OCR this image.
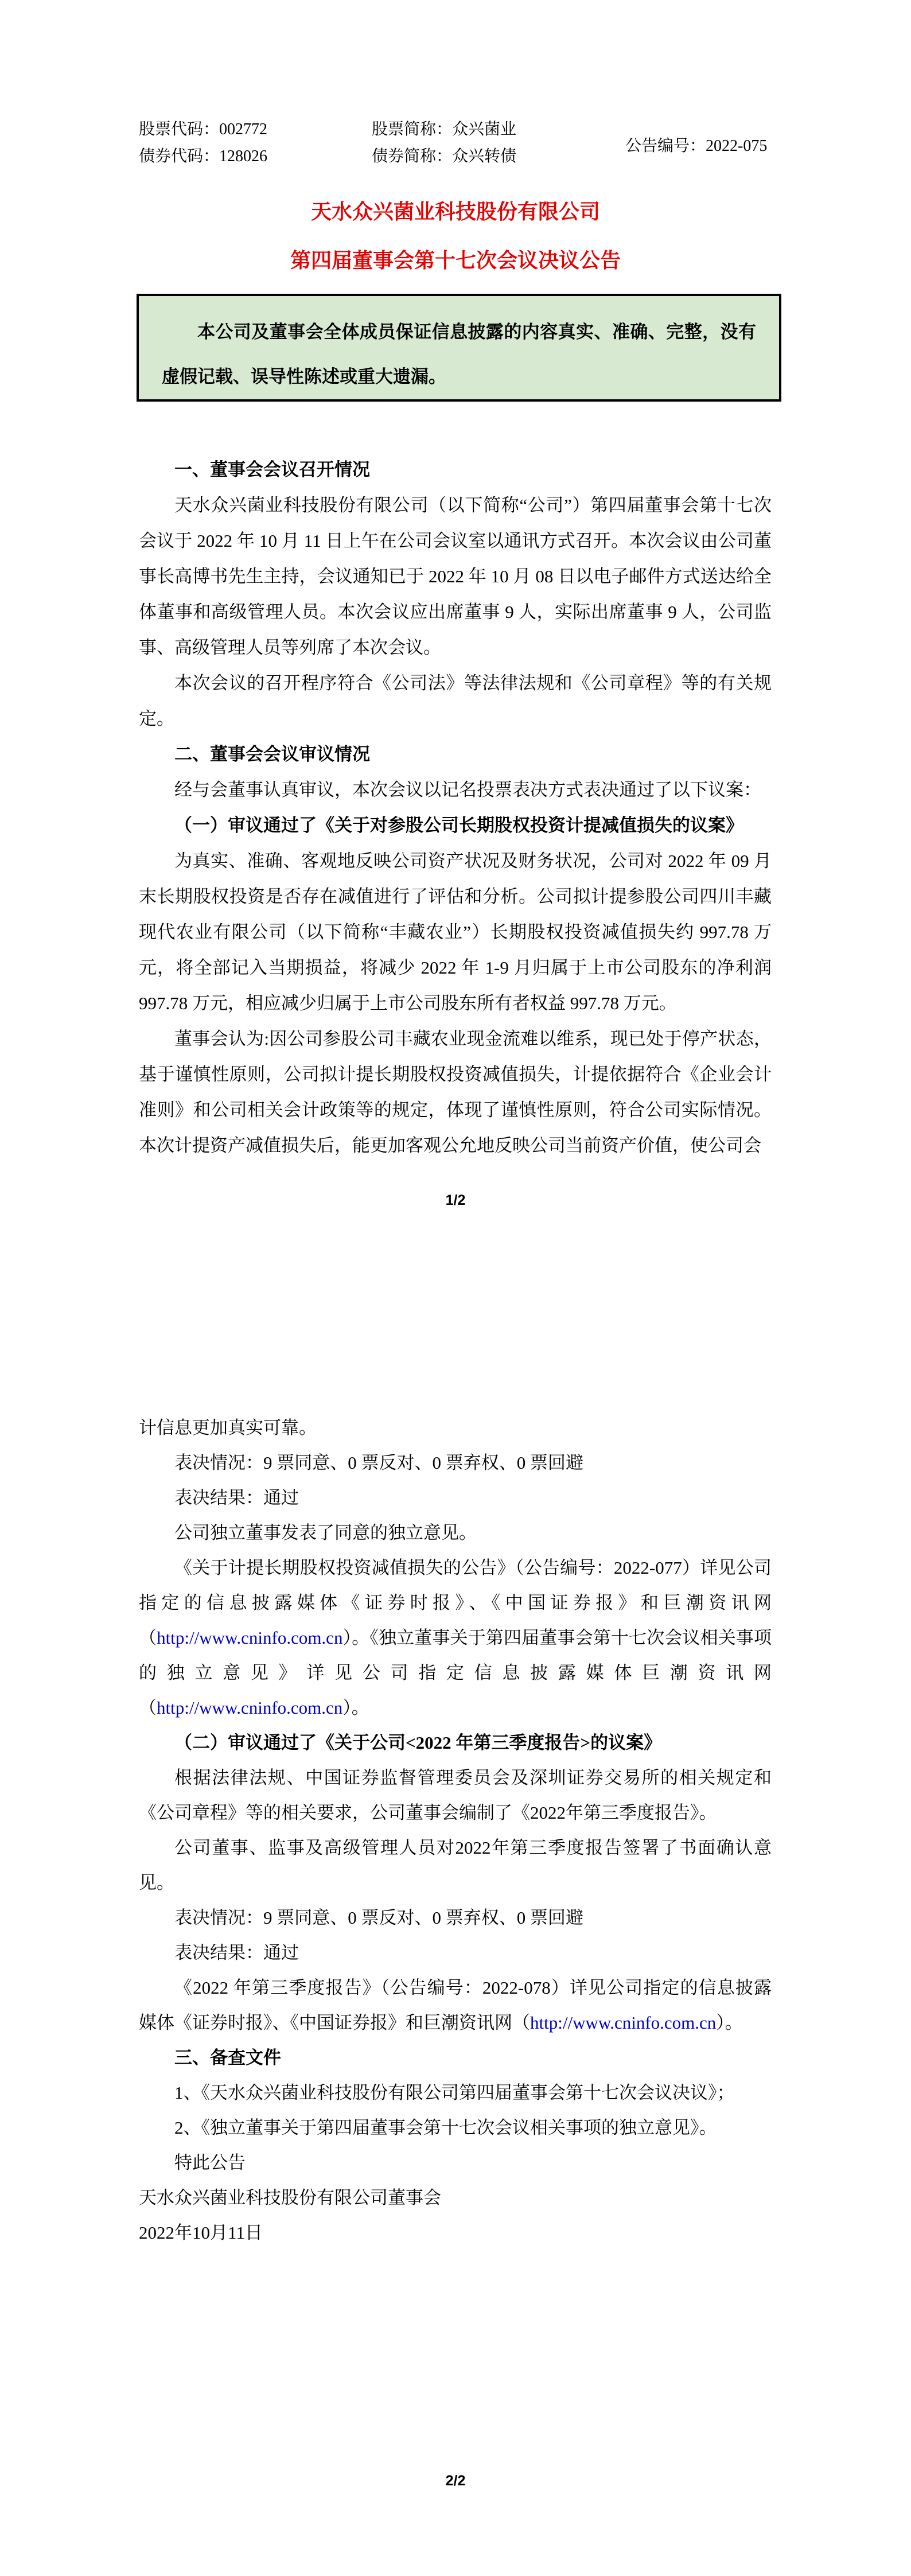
股票代码：002772	股票简称：众兴菌业
公告编号：2022-075
债券代码：128026	债券简称：众兴转债
天水众兴菌业科技股份有限公司
第四届董事会第十七次会议决议公告

本公司及董事会全体成员保证信息披露的内容真实、准确、完整，没有虚假记载、误导性陈述或重大遗漏。

一、董事会会议召开情况

天水众兴菌业科技股份有限公司（以下简称“公司”）第四届董事会第十七次会议于 2022 年 10 月 11 日上午在公司会议室以通讯方式召开。本次会议由公司董事长高博书先生主持，会议通知已于 2022 年 10 月 08 日以电子邮件方式送达给全体董事和高级管理人员。本次会议应出席董事 9 人，实际出席董事 9 人，公司监事、高级管理人员等列席了本次会议。

本次会议的召开程序符合《公司法》等法律法规和《公司章程》等的有关规定。

二、董事会会议审议情况

经与会董事认真审议，本次会议以记名投票表决方式表决通过了以下议案：

（一）审议通过了《关于对参股公司长期股权投资计提减值损失的议案》

为真实、准确、客观地反映公司资产状况及财务状况，公司对 2022 年 09 月末长期股权投资是否存在减值进行了评估和分析。公司拟计提参股公司四川丰藏现代农业有限公司（以下简称“丰藏农业”）长期股权投资减值损失约 997.78 万元，将全部记入当期损益，将减少 2022 年 1-9 月归属于上市公司股东的净利润 997.78 万元，相应减少归属于上市公司股东所有者权益 997.78 万元。

董事会认为:因公司参股公司丰藏农业现金流难以维系，现已处于停产状态，基于谨慎性原则，公司拟计提长期股权投资减值损失，计提依据符合《企业会计准则》和公司相关会计政策等的规定，体现了谨慎性原则，符合公司实际情况。本次计提资产减值损失后，能更加客观公允地反映公司当前资产价值，使公司会

1/2

计信息更加真实可靠。

表决情况：9 票同意、0 票反对、0 票弃权、0 票回避

表决结果：通过

公司独立董事发表了同意的独立意见。

《关于计提长期股权投资减值损失的公告》（公告编号：2022-077）详见公司指定的信息披露媒体《证券时报》、《中国证券报》和巨潮资讯网（http://www.cninfo.com.cn）。《独立董事关于第四届董事会第十七次会议相关事项的独立意见》详见公司指定信息披露媒体巨潮资讯网（http://www.cninfo.com.cn）。

（二）审议通过了《关于公司<2022 年第三季度报告>的议案》

根据法律法规、中国证券监督管理委员会及深圳证券交易所的相关规定和《公司章程》等的相关要求，公司董事会编制了《2022年第三季度报告》。

公司董事、监事及高级管理人员对2022年第三季度报告签署了书面确认意见。

表决情况：9 票同意、0 票反对、0 票弃权、0 票回避

表决结果：通过

《2022 年第三季度报告》（公告编号：2022-078）详见公司指定的信息披露媒体《证券时报》、《中国证券报》和巨潮资讯网（http://www.cninfo.com.cn）。

三、备查文件

1、《天水众兴菌业科技股份有限公司第四届董事会第十七次会议决议》；

2、《独立董事关于第四届董事会第十七次会议相关事项的独立意见》。

特此公告

天水众兴菌业科技股份有限公司董事会

2022年10月11日

2/2
